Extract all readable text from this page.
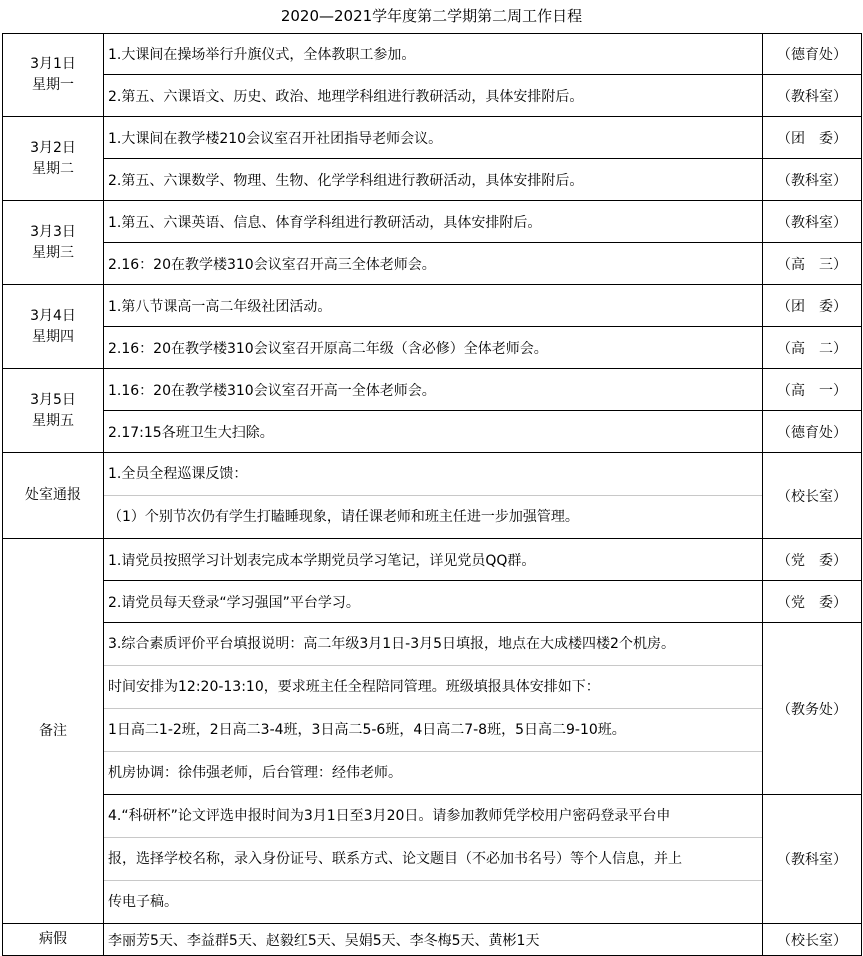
2020—2021学年度第二学期第二周工作日程
3月1日
星期一	1.大课间在操场举行升旗仪式，全体教职工参加。	（德育处）
	2.第五、六课语文、历史、政治、地理学科组进行教研活动，具体安排附后。	（教科室）

3月2日
星期二	1.大课间在教学楼210会议室召开社团指导老师会议。	（团　委）
	2.第五、六课数学、物理、生物、化学学科组进行教研活动，具体安排附后。	（教科室）

3月3日
星期三	1.第五、六课英语、信息、体育学科组进行教研活动，具体安排附后。	（教科室）
	2.16：20在教学楼310会议室召开高三全体老师会。	（高　三）

3月4日
星期四	1.第八节课高一高二年级社团活动。	（团　委）
	2.16：20在教学楼310会议室召开原高二年级（含必修）全体老师会。	（高　二）

3月5日
星期五	1.16：20在教学楼310会议室召开高一全体老师会。	（高　一）
	2.17:15各班卫生大扫除。	（德育处）
处室通报	1.全员全程巡课反馈：
（1）个别节次仍有学生打瞌睡现象，请任课老师和班主任进一步加强管理。	（校长室）
备注	1.请党员按照学习计划表完成本学期党员学习笔记，详见党员QQ群。	（党　委）
	2.请党员每天登录“学习强国”平台学习。	（党　委）

	3.综合素质评价平台填报说明：高二年级3月1日-3月5日填报，地点在大成楼四楼2个机房。
时间安排为12:20-13:10，要求班主任全程陪同管理。班级填报具体安排如下：
1日高二1-2班，2日高二3-4班，3日高二5-6班，4日高二7-8班，5日高二9-10班。
机房协调：徐伟强老师，后台管理：经伟老师。	（教务处）

	4.“科研杯”论文评选申报时间为3月1日至3月20日。请参加教师凭学校用户密码登录平台申
报，选择学校名称，录入身份证号、联系方式、论文题目（不必加书名号）等个人信息，并上
传电子稿。	（教科室）
病假	李丽芳5天、李益群5天、赵毅红5天、吴娟5天、李冬梅5天、黄彬1天	（校长室）
